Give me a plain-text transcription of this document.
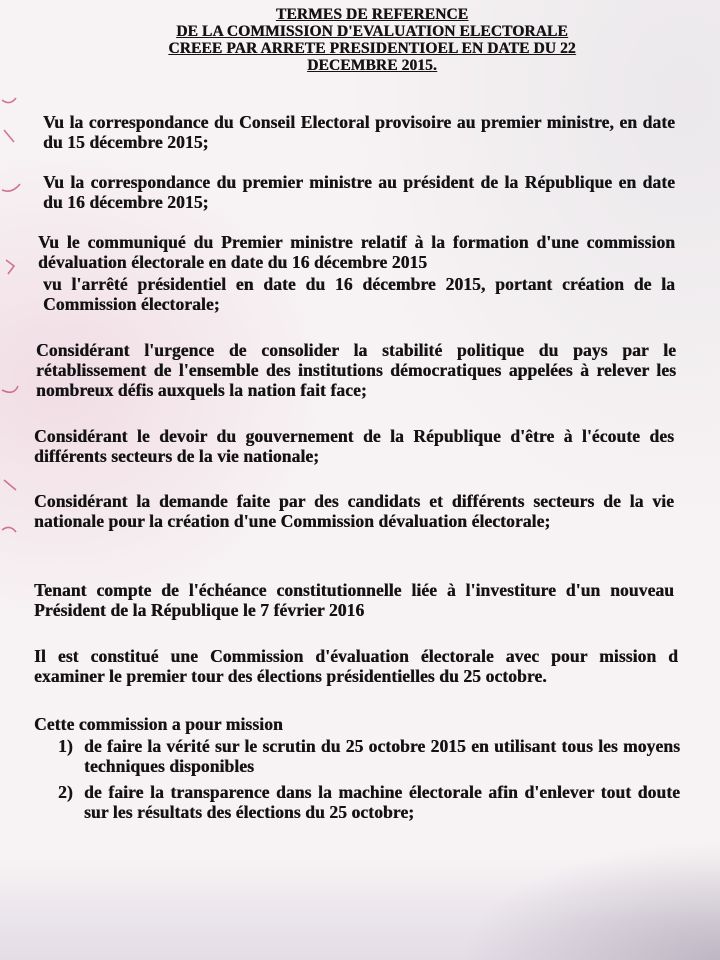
TERMES DE REFERENCE
DE LA COMMISSION D'EVALUATION ELECTORALE
CREEE PAR ARRETE PRESIDENTIOEL EN DATE DU 22
DECEMBRE 2015.

Vu la correspondance du Conseil Electoral provisoire au premier ministre, en date du 15 décembre 2015;

Vu la correspondance du premier ministre au président de la République en date du 16 décembre 2015;

Vu le communiqué du Premier ministre relatif à la formation d'une commission dévaluation électorale en date du 16 décembre 2015

vu l'arrêté présidentiel en date du 16 décembre 2015, portant création de la Commission électorale;

Considérant l'urgence de consolider la stabilité politique du pays par le rétablissement de l'ensemble des institutions démocratiques appelées à relever les nombreux défis auxquels la nation fait face;

Considérant le devoir du gouvernement de la République d'être à l'écoute des différents secteurs de la vie nationale;

Considérant la demande faite par des candidats et différents secteurs de la vie nationale pour la création d'une Commission dévaluation électorale;

Tenant compte de l'échéance constitutionnelle liée à l'investiture d'un nouveau Président de la République le 7 février 2016

Il est constitué une Commission d'évaluation électorale avec pour mission d examiner le premier tour des élections présidentielles du 25 octobre.

Cette commission a pour mission

1) de faire la vérité sur le scrutin du 25 octobre 2015 en utilisant tous les moyens techniques disponibles
2) de faire la transparence dans la machine électorale afin d'enlever tout doute sur les résultats des élections du 25 octobre;
